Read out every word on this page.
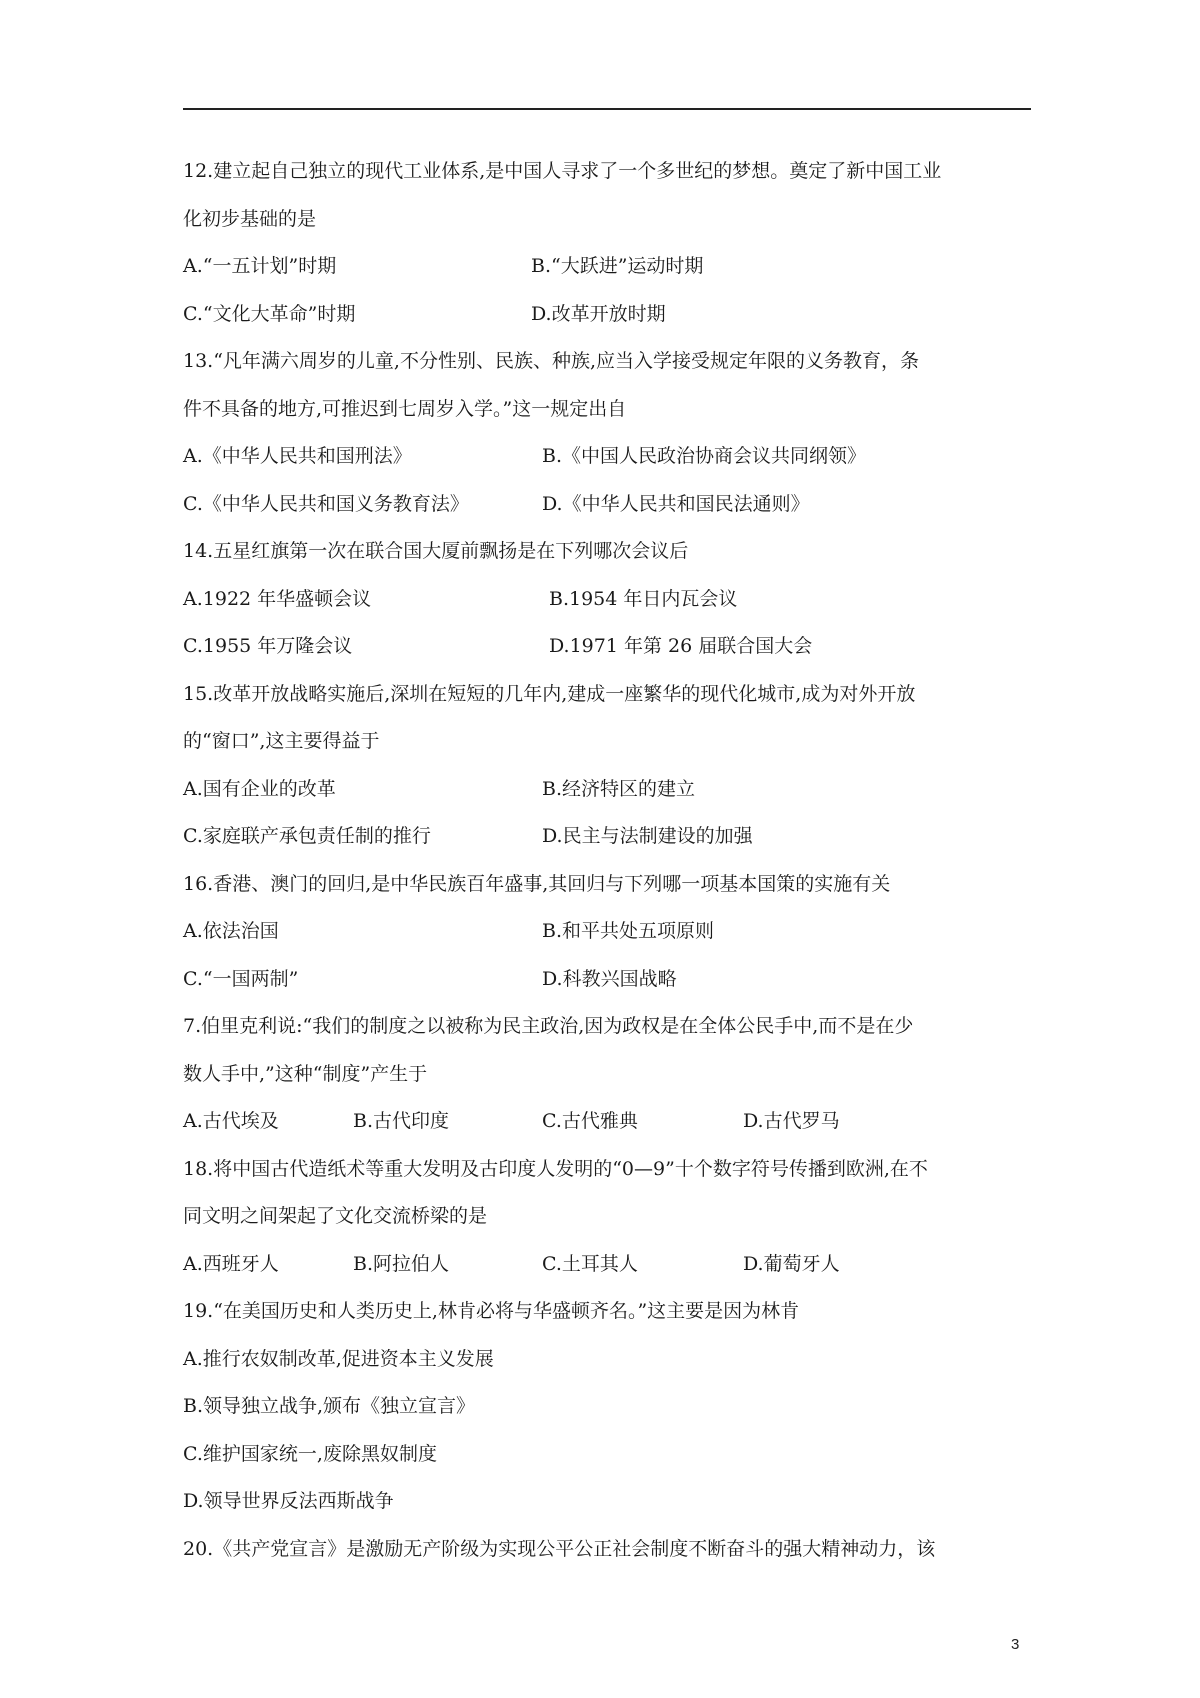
12.建立起自己独立的现代工业体系,是中国人寻求了一个多世纪的梦想。奠定了新中国工业
化初步基础的是
A.“一五计划”时期	B.“大跃进”运动时期
C.“文化大革命”时期	D.改革开放时期
13.“凡年满六周岁的儿童,不分性别、民族、种族,应当入学接受规定年限的义务教育，条
件不具备的地方,可推迟到七周岁入学。”这一规定出自
A.《中华人民共和国刑法》	B.《中国人民政治协商会议共同纲领》
C.《中华人民共和国义务教育法》	D.《中华人民共和国民法通则》
14.五星红旗第一次在联合国大厦前飘扬是在下列哪次会议后
A.1922 年华盛顿会议	B.1954 年日内瓦会议
C.1955 年万隆会议	D.1971 年第 26 届联合国大会
15.改革开放战略实施后,深圳在短短的几年内,建成一座繁华的现代化城市,成为对外开放
的“窗口”,这主要得益于
A.国有企业的改革	B.经济特区的建立
C.家庭联产承包责任制的推行	D.民主与法制建设的加强
16.香港、澳门的回归,是中华民族百年盛事,其回归与下列哪一项基本国策的实施有关
A.依法治国	B.和平共处五项原则
C.“一国两制”	D.科教兴国战略
7.伯里克利说:“我们的制度之以被称为民主政治,因为政权是在全体公民手中,而不是在少
数人手中,”这种“制度”产生于
A.古代埃及	B.古代印度	C.古代雅典	D.古代罗马
18.将中国古代造纸术等重大发明及古印度人发明的“0—9”十个数字符号传播到欧洲,在不
同文明之间架起了文化交流桥梁的是
A.西班牙人	B.阿拉伯人	C.土耳其人	D.葡萄牙人
19.“在美国历史和人类历史上,林肯必将与华盛顿齐名。”这主要是因为林肯
A.推行农奴制改革,促进资本主义发展
B.领导独立战争,颁布《独立宣言》
C.维护国家统一,废除黑奴制度
D.领导世界反法西斯战争
20.《共产党宣言》是激励无产阶级为实现公平公正社会制度不断奋斗的强大精神动力，该
3
